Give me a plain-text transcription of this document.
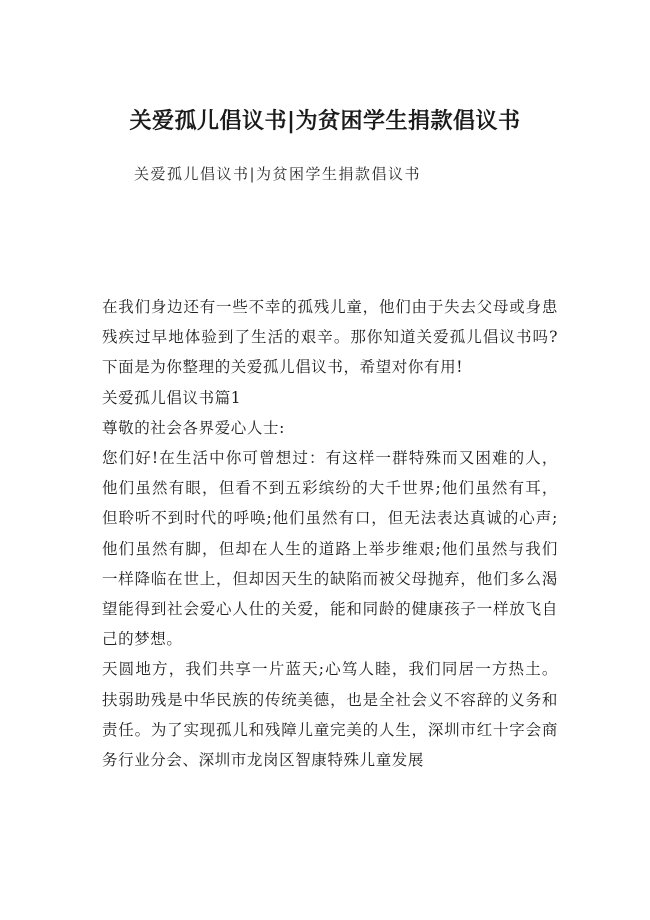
关爱孤儿倡议书|为贫困学生捐款倡议书
关爱孤儿倡议书|为贫困学生捐款倡议书

在我们身边还有一些不幸的孤残儿童，他们由于失去父母或身患残疾过早地体验到了生活的艰辛。那你知道关爱孤儿倡议书吗?下面是为你整理的关爱孤儿倡议书，希望对你有用!

关爱孤儿倡议书篇1

尊敬的社会各界爱心人士:

您们好!在生活中你可曾想过：有这样一群特殊而又困难的人，他们虽然有眼，但看不到五彩缤纷的大千世界;他们虽然有耳，但聆听不到时代的呼唤;他们虽然有口，但无法表达真诚的心声;他们虽然有脚，但却在人生的道路上举步维艰;他们虽然与我们一样降临在世上，但却因天生的缺陷而被父母抛弃，他们多么渴望能得到社会爱心人仕的关爱，能和同龄的健康孩子一样放飞自己的梦想。

天圆地方，我们共享一片蓝天;心笃人睦，我们同居一方热土。扶弱助残是中华民族的传统美德，也是全社会义不容辞的义务和责任。为了实现孤儿和残障儿童完美的人生，深圳市红十字会商务行业分会、深圳市龙岗区智康特殊儿童发展
